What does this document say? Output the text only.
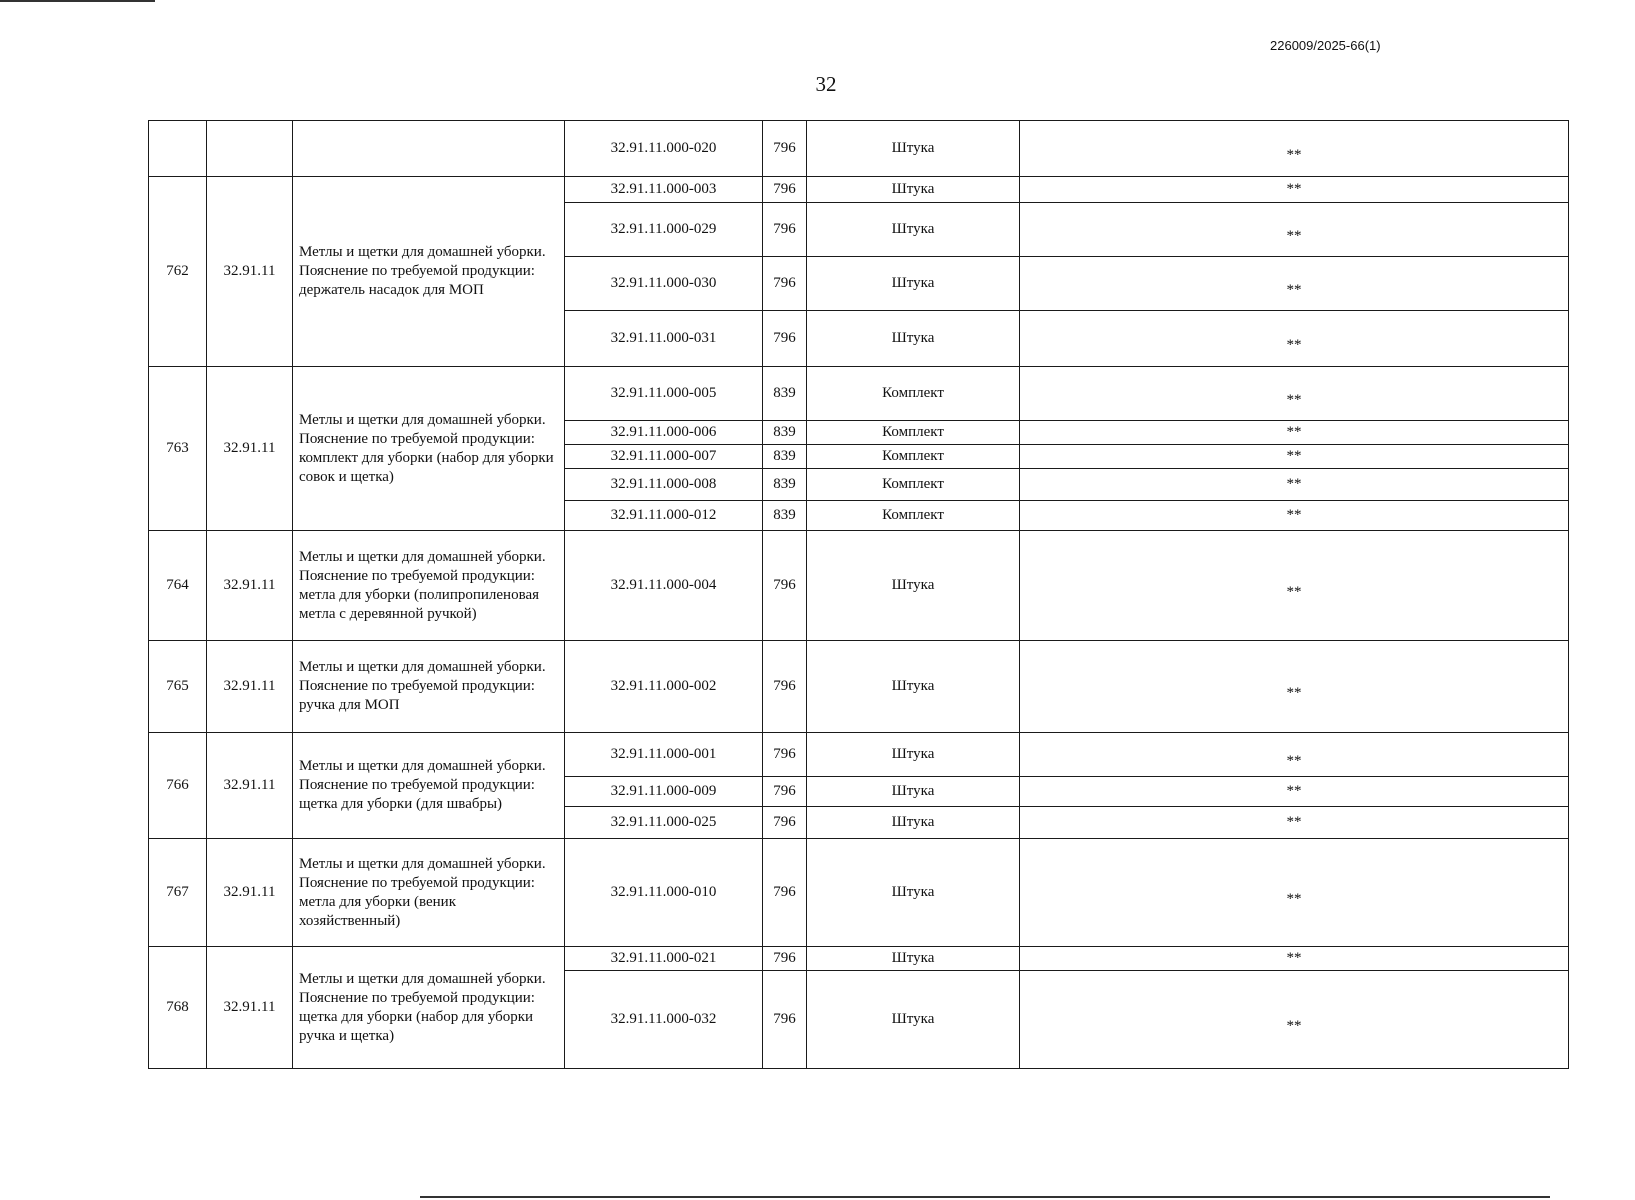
226009/2025-66(1)
32
			32.91.11.000-020	796	Штука	**
762	32.91.11	Метлы и щетки для домашней уборки. Пояснение по требуемой продукции: держатель насадок для МОП	32.91.11.000-003	796	Штука	**
			32.91.11.000-029	796	Штука	**
			32.91.11.000-030	796	Штука	**
			32.91.11.000-031	796	Штука	**
763	32.91.11	Метлы и щетки для домашней уборки. Пояснение по требуемой продукции: комплект для уборки (набор для уборки совок и щетка)	32.91.11.000-005	839	Комплект	**
			32.91.11.000-006	839	Комплект	**
			32.91.11.000-007	839	Комплект	**
			32.91.11.000-008	839	Комплект	**
			32.91.11.000-012	839	Комплект	**
764	32.91.11	Метлы и щетки для домашней уборки. Пояснение по требуемой продукции: метла для уборки (полипропиленовая метла с деревянной ручкой)	32.91.11.000-004	796	Штука	**
765	32.91.11	Метлы и щетки для домашней уборки. Пояснение по требуемой продукции: ручка для МОП	32.91.11.000-002	796	Штука	**
766	32.91.11	Метлы и щетки для домашней уборки. Пояснение по требуемой продукции: щетка для уборки (для швабры)	32.91.11.000-001	796	Штука	**
			32.91.11.000-009	796	Штука	**
			32.91.11.000-025	796	Штука	**
767	32.91.11	Метлы и щетки для домашней уборки. Пояснение по требуемой продукции: метла для уборки (веник хозяйственный)	32.91.11.000-010	796	Штука	**
768	32.91.11	Метлы и щетки для домашней уборки. Пояснение по требуемой продукции: щетка для уборки (набор для уборки ручка и щетка)	32.91.11.000-021	796	Штука	**
			32.91.11.000-032	796	Штука	**
